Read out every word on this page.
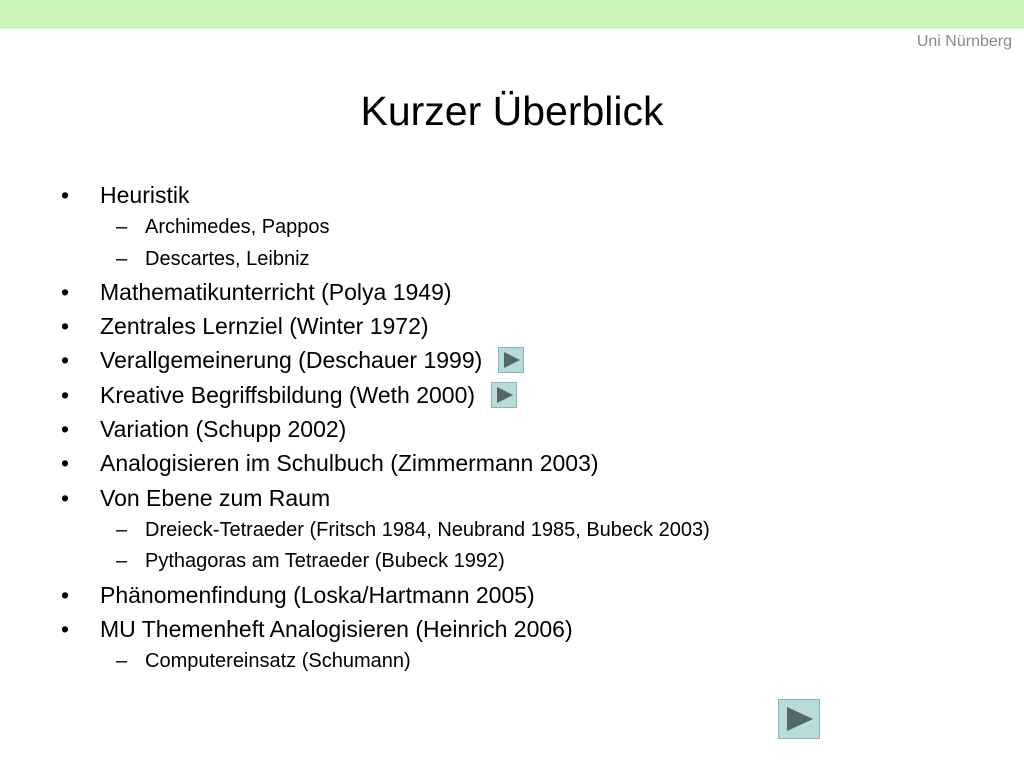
Uni Nürnberg
Kurzer Überblick
• Heuristik
– Archimedes, Pappos
– Descartes, Leibniz
• Mathematikunterricht (Polya 1949)
• Zentrales Lernziel (Winter 1972)
• Verallgemeinerung (Deschauer 1999)
• Kreative Begriffsbildung (Weth 2000)
• Variation (Schupp 2002)
• Analogisieren im Schulbuch (Zimmermann 2003)
• Von Ebene zum Raum
– Dreieck-Tetraeder (Fritsch 1984, Neubrand 1985, Bubeck 2003)
– Pythagoras am Tetraeder (Bubeck 1992)
• Phänomenfindung (Loska/Hartmann 2005)
• MU Themenheft Analogisieren (Heinrich 2006)
– Computereinsatz (Schumann)
